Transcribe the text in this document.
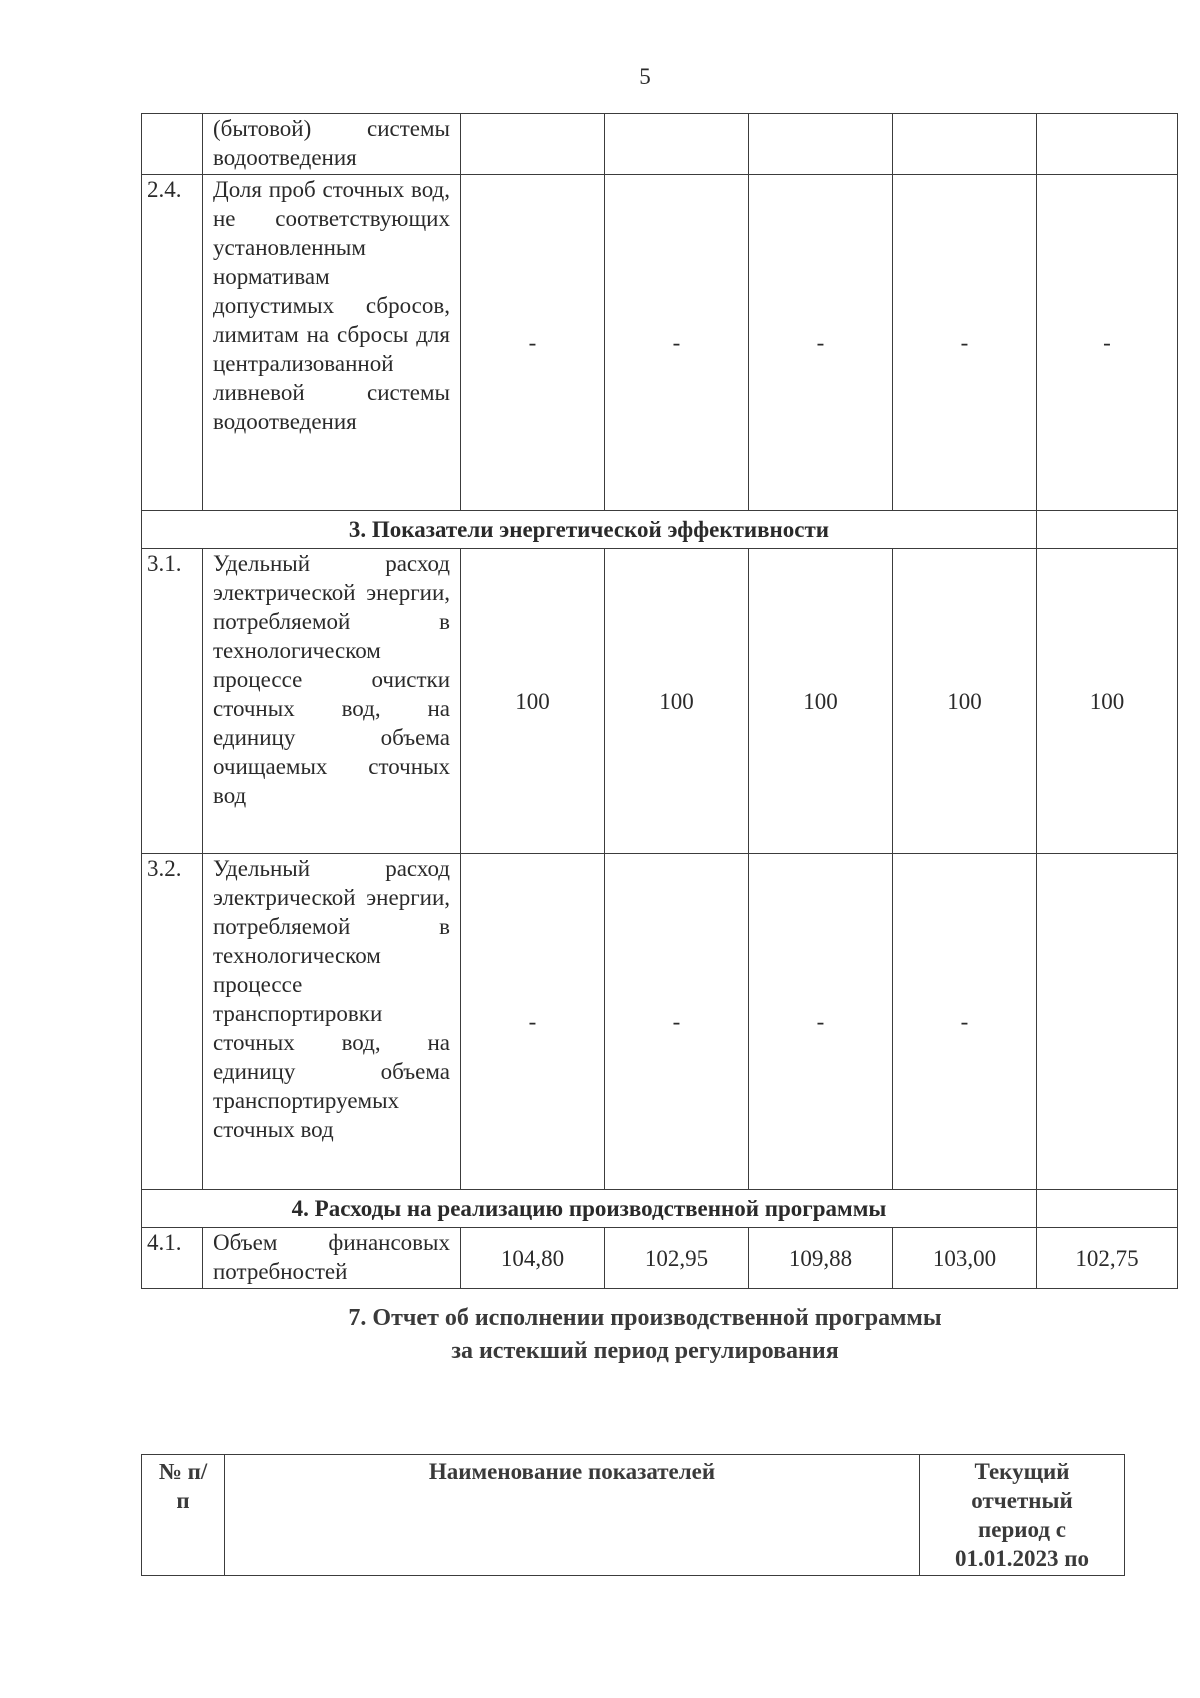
5
	(бытовой) системы водоотведения					
2.4.	Доля проб сточных вод, не соответствующих установленным нормативам допустимых сбросов, лимитам на сбросы для централизованной ливневой системы водоотведения	-	-	-	-	-
3. Показатели энергетической эффективности						
3.1.	Удельный расход электрической энергии, потребляемой в технологическом процессе очистки сточных вод, на единицу объема очищаемых сточных вод	100	100	100	100	100
3.2.	Удельный расход электрической энергии, потребляемой в технологическом процессе транспортировки сточных вод, на единицу объема транспортируемых сточных вод	-	-	-	-	
4. Расходы на реализацию производственной программы						
4.1.	Объем финансовых потребностей	104,80	102,95	109,88	103,00	102,75
7. Отчет об исполнении производственной программы
за истекший период регулирования
№ п/п	Наименование показателей	Текущий отчетный период с 01.01.2023 по
